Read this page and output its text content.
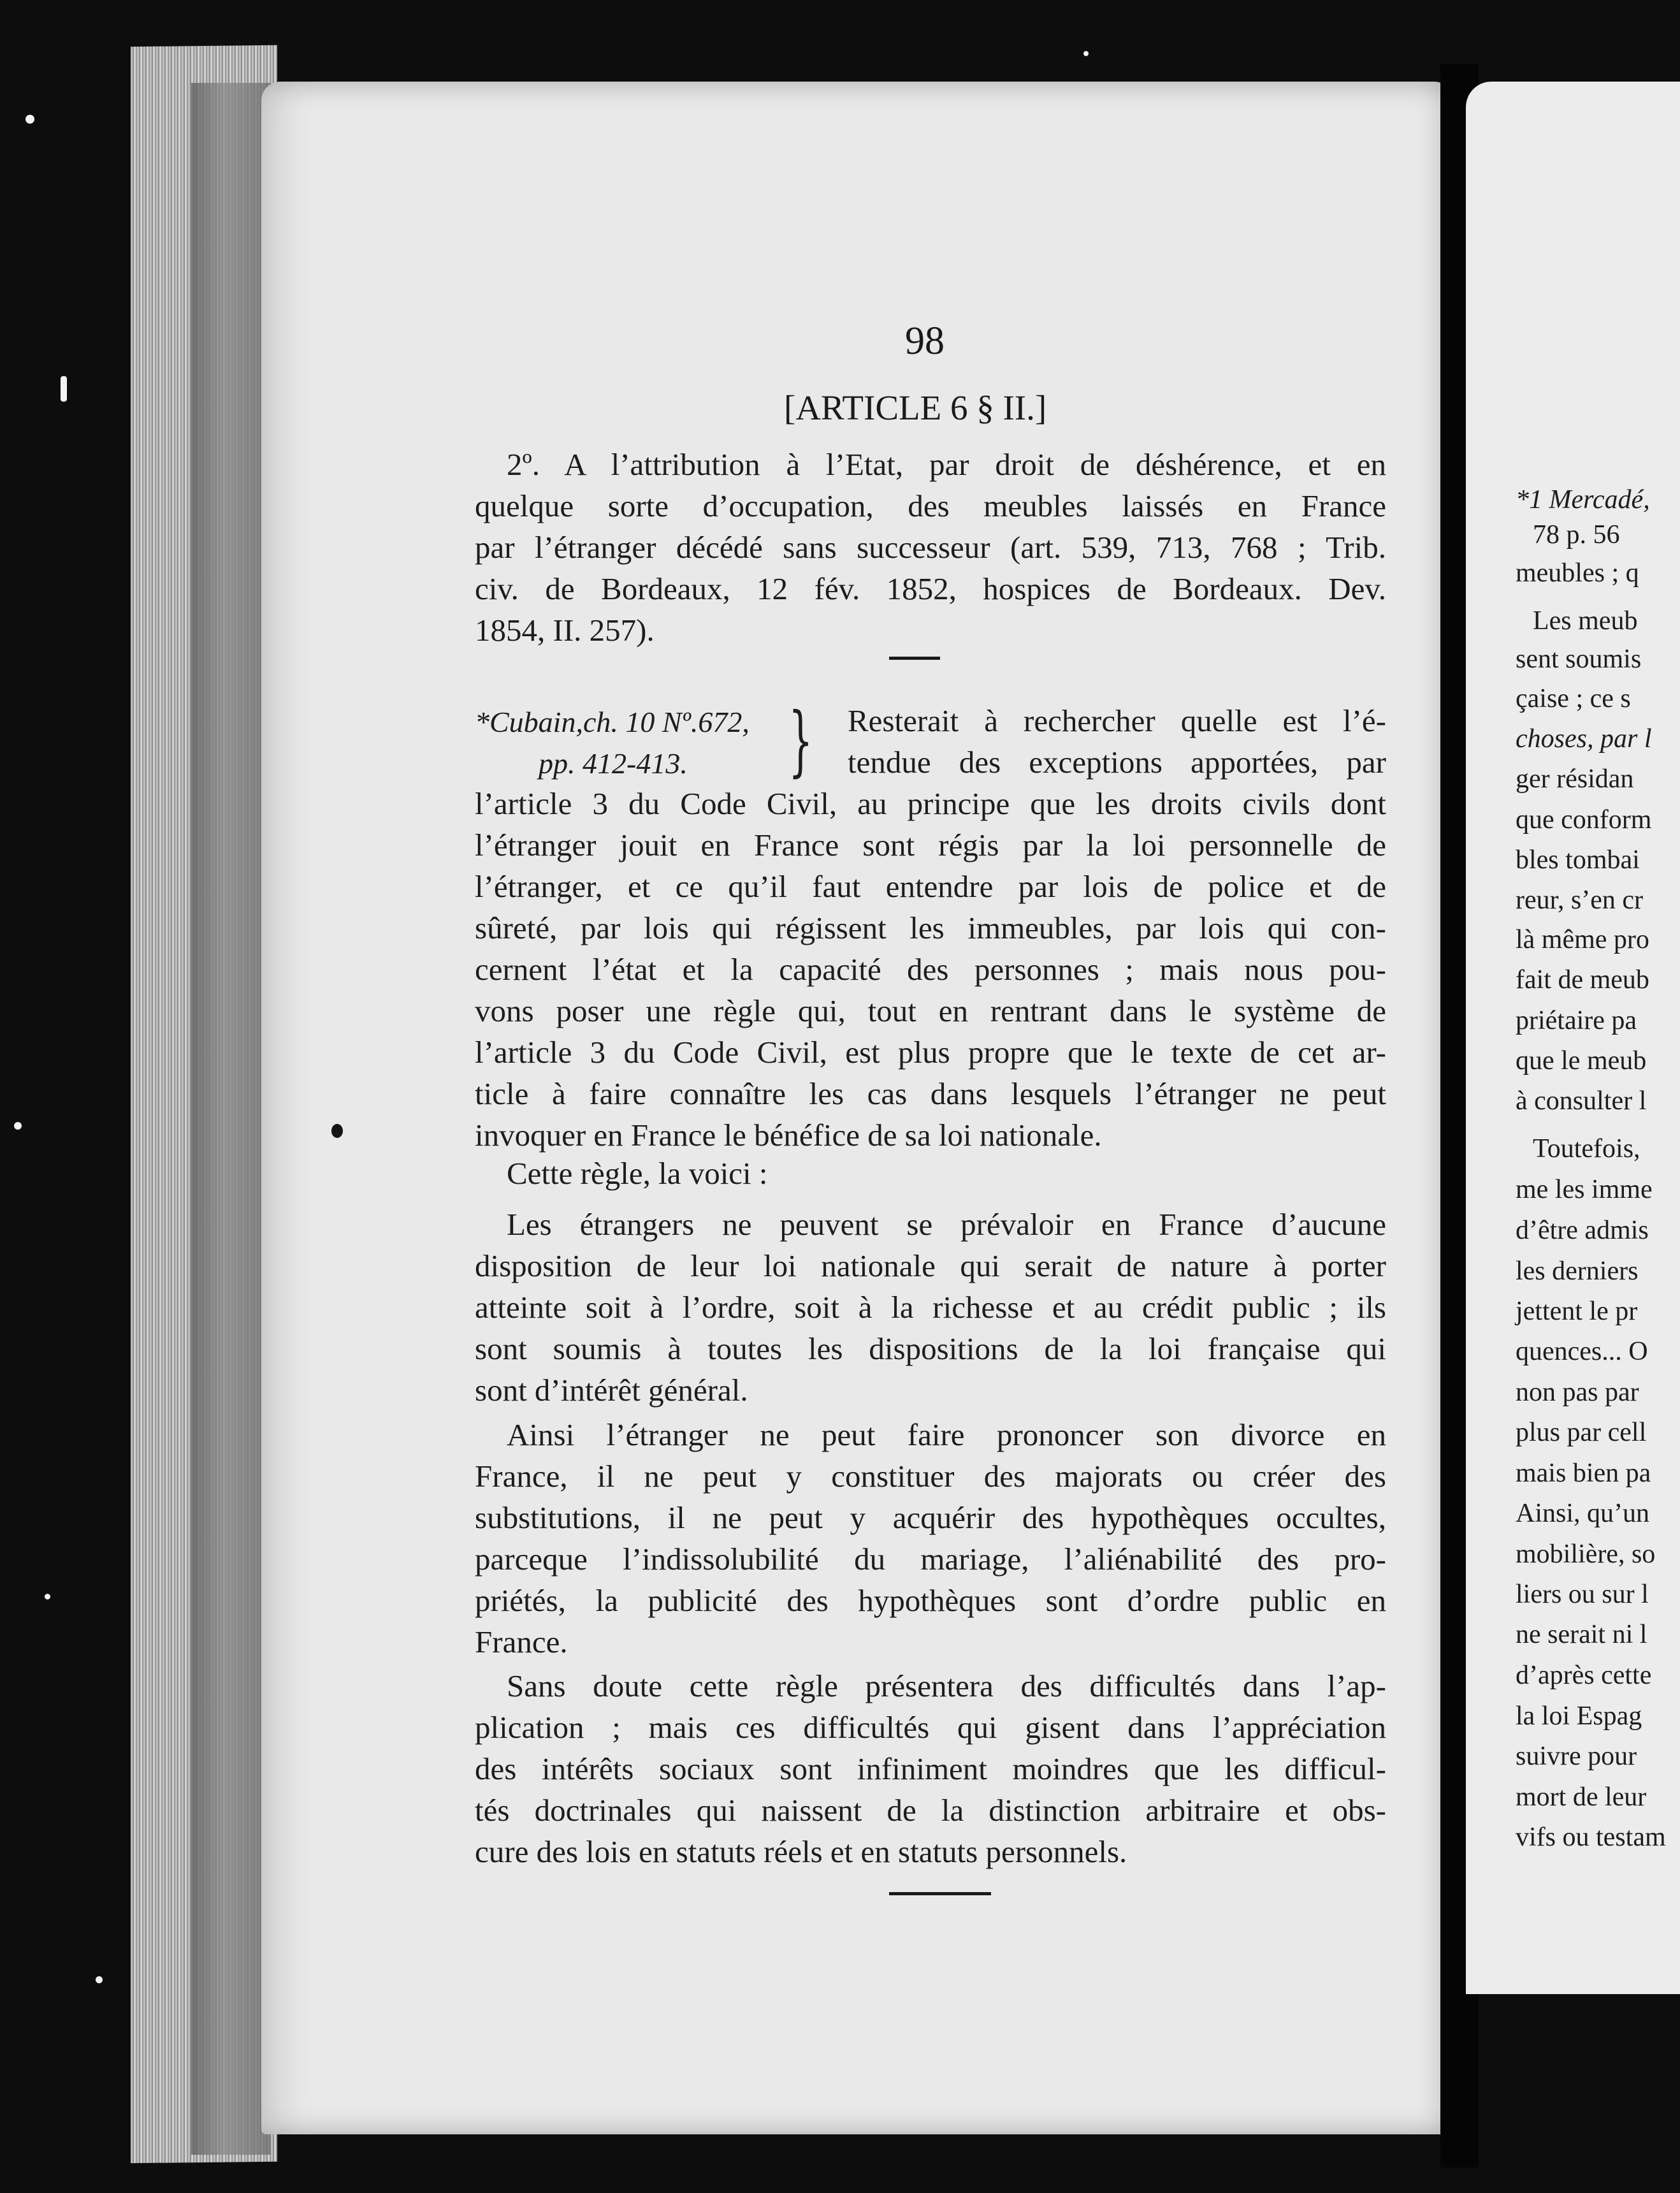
98
[ARTICLE 6 § II.]
2º. A l’attribution à l’Etat, par droit de déshérence, et en
quelque sorte d’occupation, des meubles laissés en France
par l’étranger décédé sans successeur (art. 539, 713, 768 ; Trib.
civ. de Bordeaux, 12 fév. 1852, hospices de Bordeaux. Dev.
1854, II. 257).
*Cubain,ch. 10 Nº.672,
pp. 412-413.	} Resterait à rechercher quelle est l’é-
tendue des exceptions apportées, par
l’article 3 du Code Civil, au principe que les droits civils dont
l’étranger jouit en France sont régis par la loi personnelle de
l’étranger, et ce qu’il faut entendre par lois de police et de
sûreté, par lois qui régissent les immeubles, par lois qui con-
cernent l’état et la capacité des personnes ; mais nous pou-
vons poser une règle qui, tout en rentrant dans le système de
l’article 3 du Code Civil, est plus propre que le texte de cet ar-
ticle à faire connaître les cas dans lesquels l’étranger ne peut
invoquer en France le bénéfice de sa loi nationale.
Cette règle, la voici :
Les étrangers ne peuvent se prévaloir en France d’aucune
disposition de leur loi nationale qui serait de nature à porter
atteinte soit à l’ordre, soit à la richesse et au crédit public ; ils
sont soumis à toutes les dispositions de la loi française qui
sont d’intérêt général.
Ainsi l’étranger ne peut faire prononcer son divorce en
France, il ne peut y constituer des majorats ou créer des
substitutions, il ne peut y acquérir des hypothèques occultes,
parceque l’indissolubilité du mariage, l’aliénabilité des pro-
priétés, la publicité des hypothèques sont d’ordre public en
France.
Sans doute cette règle présentera des difficultés dans l’ap-
plication ; mais ces difficultés qui gisent dans l’appréciation
des intérêts sociaux sont infiniment moindres que les difficul-
tés doctrinales qui naissent de la distinction arbitraire et obs-
cure des lois en statuts réels et en statuts personnels.
*1 Mercadé,
78 p. 56
meubles ; q
Les meub
sent soumis
çaise ; ce s
choses, par l
ger résidan
que conform
bles tombai
reur, s’en cr
là même pro
fait de meub
priétaire pa
que le meub
à consulter l
Toutefois,
me les imme
d’être admis
les derniers
jettent le pr
quences... O
non pas par
plus par cell
mais bien pa
Ainsi, qu’un
mobilière, so
liers ou sur l
ne serait ni l
d’après cette
la loi Espag
suivre pour
mort de leur
vifs ou testam
